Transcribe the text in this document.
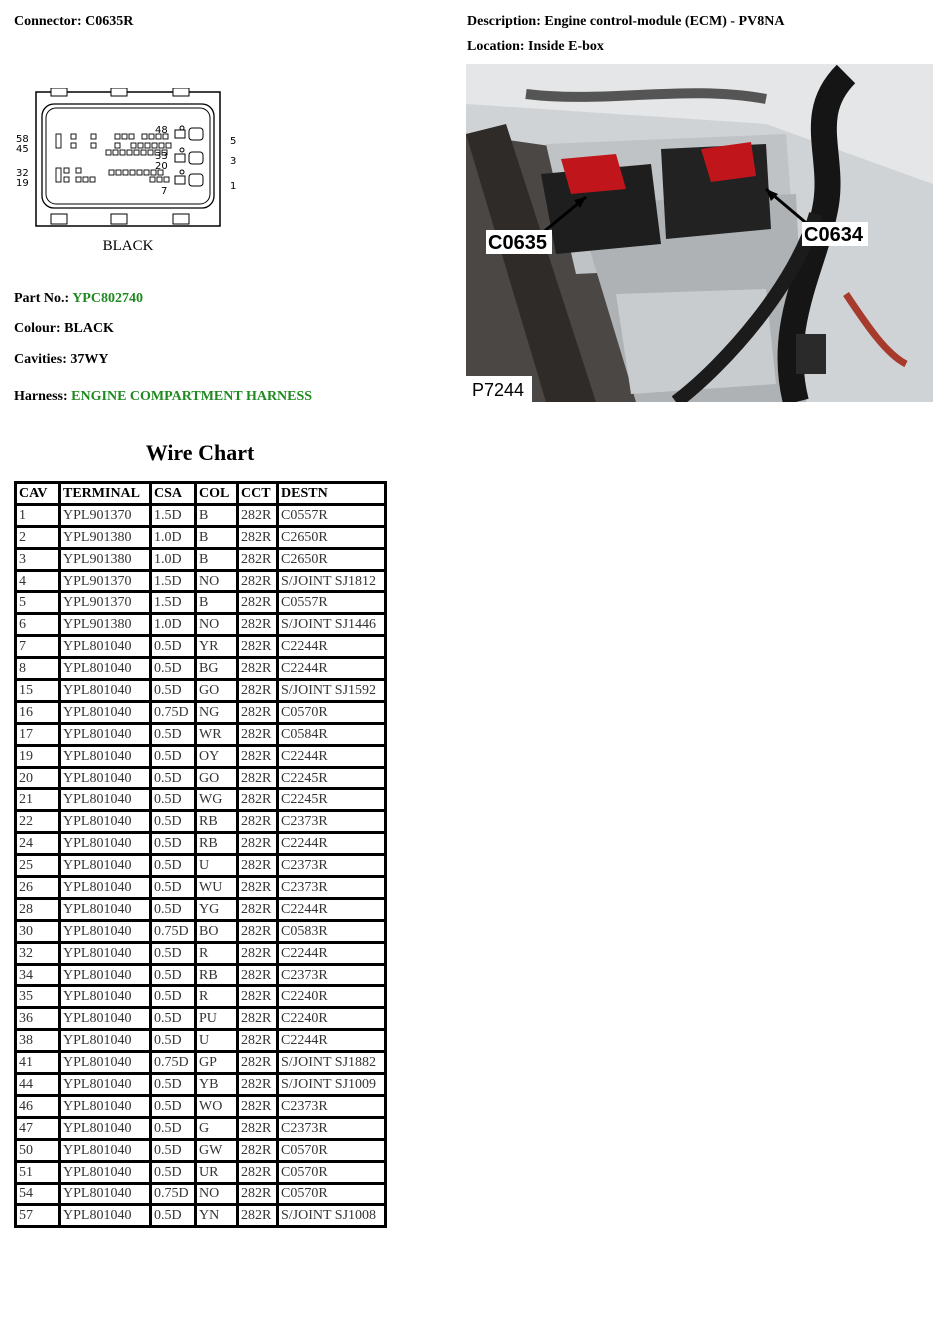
Connector: C0635R	Description: Engine control-module (ECM) - PV8NA
Location: Inside E-box
58
45
32
19
5
3
1
48
33
20
7
BLACK
Part No.: YPC802740
Colour: BLACK
Cavities: 37WY
Harness: ENGINE COMPARTMENT HARNESS
C0635	C0634
P7244
Wire Chart
CAV	TERMINAL	CSA	COL	CCT	DESTN
1	YPL901370	1.5D	B	282R	C0557R
2	YPL901380	1.0D	B	282R	C2650R
3	YPL901380	1.0D	B	282R	C2650R
4	YPL901370	1.5D	NO	282R	S/JOINT SJ1812
5	YPL901370	1.5D	B	282R	C0557R
6	YPL901380	1.0D	NO	282R	S/JOINT SJ1446
7	YPL801040	0.5D	YR	282R	C2244R
8	YPL801040	0.5D	BG	282R	C2244R
15	YPL801040	0.5D	GO	282R	S/JOINT SJ1592
16	YPL801040	0.75D	NG	282R	C0570R
17	YPL801040	0.5D	WR	282R	C0584R
19	YPL801040	0.5D	OY	282R	C2244R
20	YPL801040	0.5D	GO	282R	C2245R
21	YPL801040	0.5D	WG	282R	C2245R
22	YPL801040	0.5D	RB	282R	C2373R
24	YPL801040	0.5D	RB	282R	C2244R
25	YPL801040	0.5D	U	282R	C2373R
26	YPL801040	0.5D	WU	282R	C2373R
28	YPL801040	0.5D	YG	282R	C2244R
30	YPL801040	0.75D	BO	282R	C0583R
32	YPL801040	0.5D	R	282R	C2244R
34	YPL801040	0.5D	RB	282R	C2373R
35	YPL801040	0.5D	R	282R	C2240R
36	YPL801040	0.5D	PU	282R	C2240R
38	YPL801040	0.5D	U	282R	C2244R
41	YPL801040	0.75D	GP	282R	S/JOINT SJ1882
44	YPL801040	0.5D	YB	282R	S/JOINT SJ1009
46	YPL801040	0.5D	WO	282R	C2373R
47	YPL801040	0.5D	G	282R	C2373R
50	YPL801040	0.5D	GW	282R	C0570R
51	YPL801040	0.5D	UR	282R	C0570R
54	YPL801040	0.75D	NO	282R	C0570R
57	YPL801040	0.5D	YN	282R	S/JOINT SJ1008
